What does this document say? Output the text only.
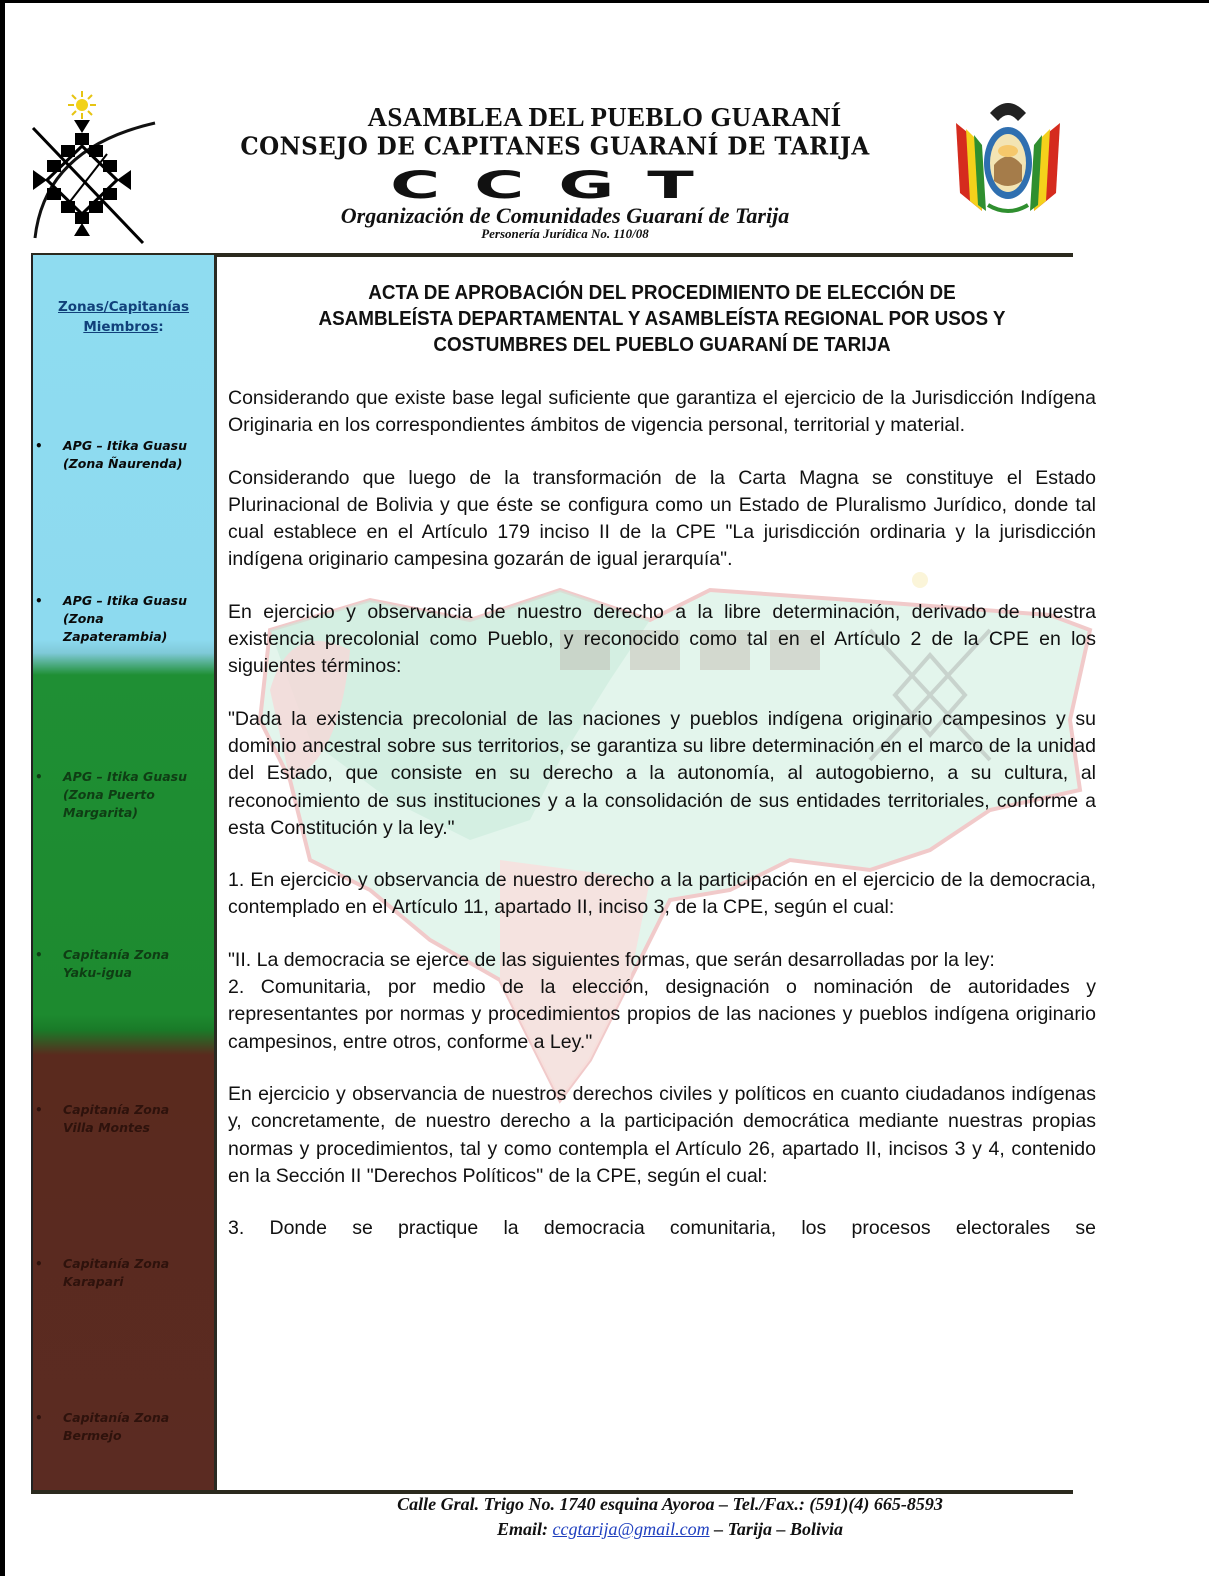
ASAMBLEA DEL PUEBLO GUARANÍ
CONSEJO DE CAPITANES GUARANÍ DE TARIJA
CCGT
Organización de Comunidades Guaraní de Tarija
Personería Jurídica No. 110/08
Zonas/Capitanías
Miembros:
• APG – Itika Guasu
(Zona Ñaurenda)
• APG – Itika Guasu
(Zona
Zapaterambia)
• APG – Itika Guasu
(Zona Puerto
Margarita)
• Capitanía Zona
Yaku-igua
• Capitanía Zona
Villa Montes
• Capitanía Zona
Karapari
• Capitanía Zona
Bermejo
ACTA DE APROBACIÓN DEL PROCEDIMIENTO DE ELECCIÓN DE
ASAMBLEÍSTA DEPARTAMENTAL Y ASAMBLEÍSTA REGIONAL POR USOS Y
COSTUMBRES DEL PUEBLO GUARANÍ DE TARIJA

Considerando que existe base legal suficiente que garantiza el ejercicio de la Jurisdicción Indígena Originaria en los correspondientes ámbitos de vigencia personal, territorial y material.

Considerando que luego de la transformación de la Carta Magna se constituye el Estado Plurinacional de Bolivia y que éste se configura como un Estado de Pluralismo Jurídico, donde tal cual establece en el Artículo 179 inciso II de la CPE "La jurisdicción ordinaria y la jurisdicción indígena originario campesina gozarán de igual jerarquía".

En ejercicio y observancia de nuestro derecho a la libre determinación, derivado de nuestra existencia precolonial como Pueblo, y reconocido como tal en el Artículo 2 de la CPE en los siguientes términos:

"Dada la existencia precolonial de las naciones y pueblos indígena originario campesinos y su dominio ancestral sobre sus territorios, se garantiza su libre determinación en el marco de la unidad del Estado, que consiste en su derecho a la autonomía, al autogobierno, a su cultura, al reconocimiento de sus instituciones y a la consolidación de sus entidades territoriales, conforme a esta Constitución y la ley."

1. En ejercicio y observancia de nuestro derecho a la participación en el ejercicio de la democracia, contemplado en el Artículo 11, apartado II, inciso 3, de la CPE, según el cual:

"II. La democracia se ejerce de las siguientes formas, que serán desarrolladas por la ley:

2. Comunitaria, por medio de la elección, designación o nominación de autoridades y representantes por normas y procedimientos propios de las naciones y pueblos indígena originario campesinos, entre otros, conforme a Ley."

En ejercicio y observancia de nuestros derechos civiles y políticos en cuanto ciudadanos indígenas y, concretamente, de nuestro derecho a la participación democrática mediante nuestras propias normas y procedimientos, tal y como contempla el Artículo 26, apartado II, incisos 3 y 4, contenido en la Sección II "Derechos Políticos" de la CPE, según el cual:

3. Donde se practique la democracia comunitaria, los procesos electorales se

Calle Gral. Trigo No. 1740 esquina Ayoroa – Tel./Fax.: (591)(4) 665-8593
Email: ccgtarija@gmail.com – Tarija – Bolivia
